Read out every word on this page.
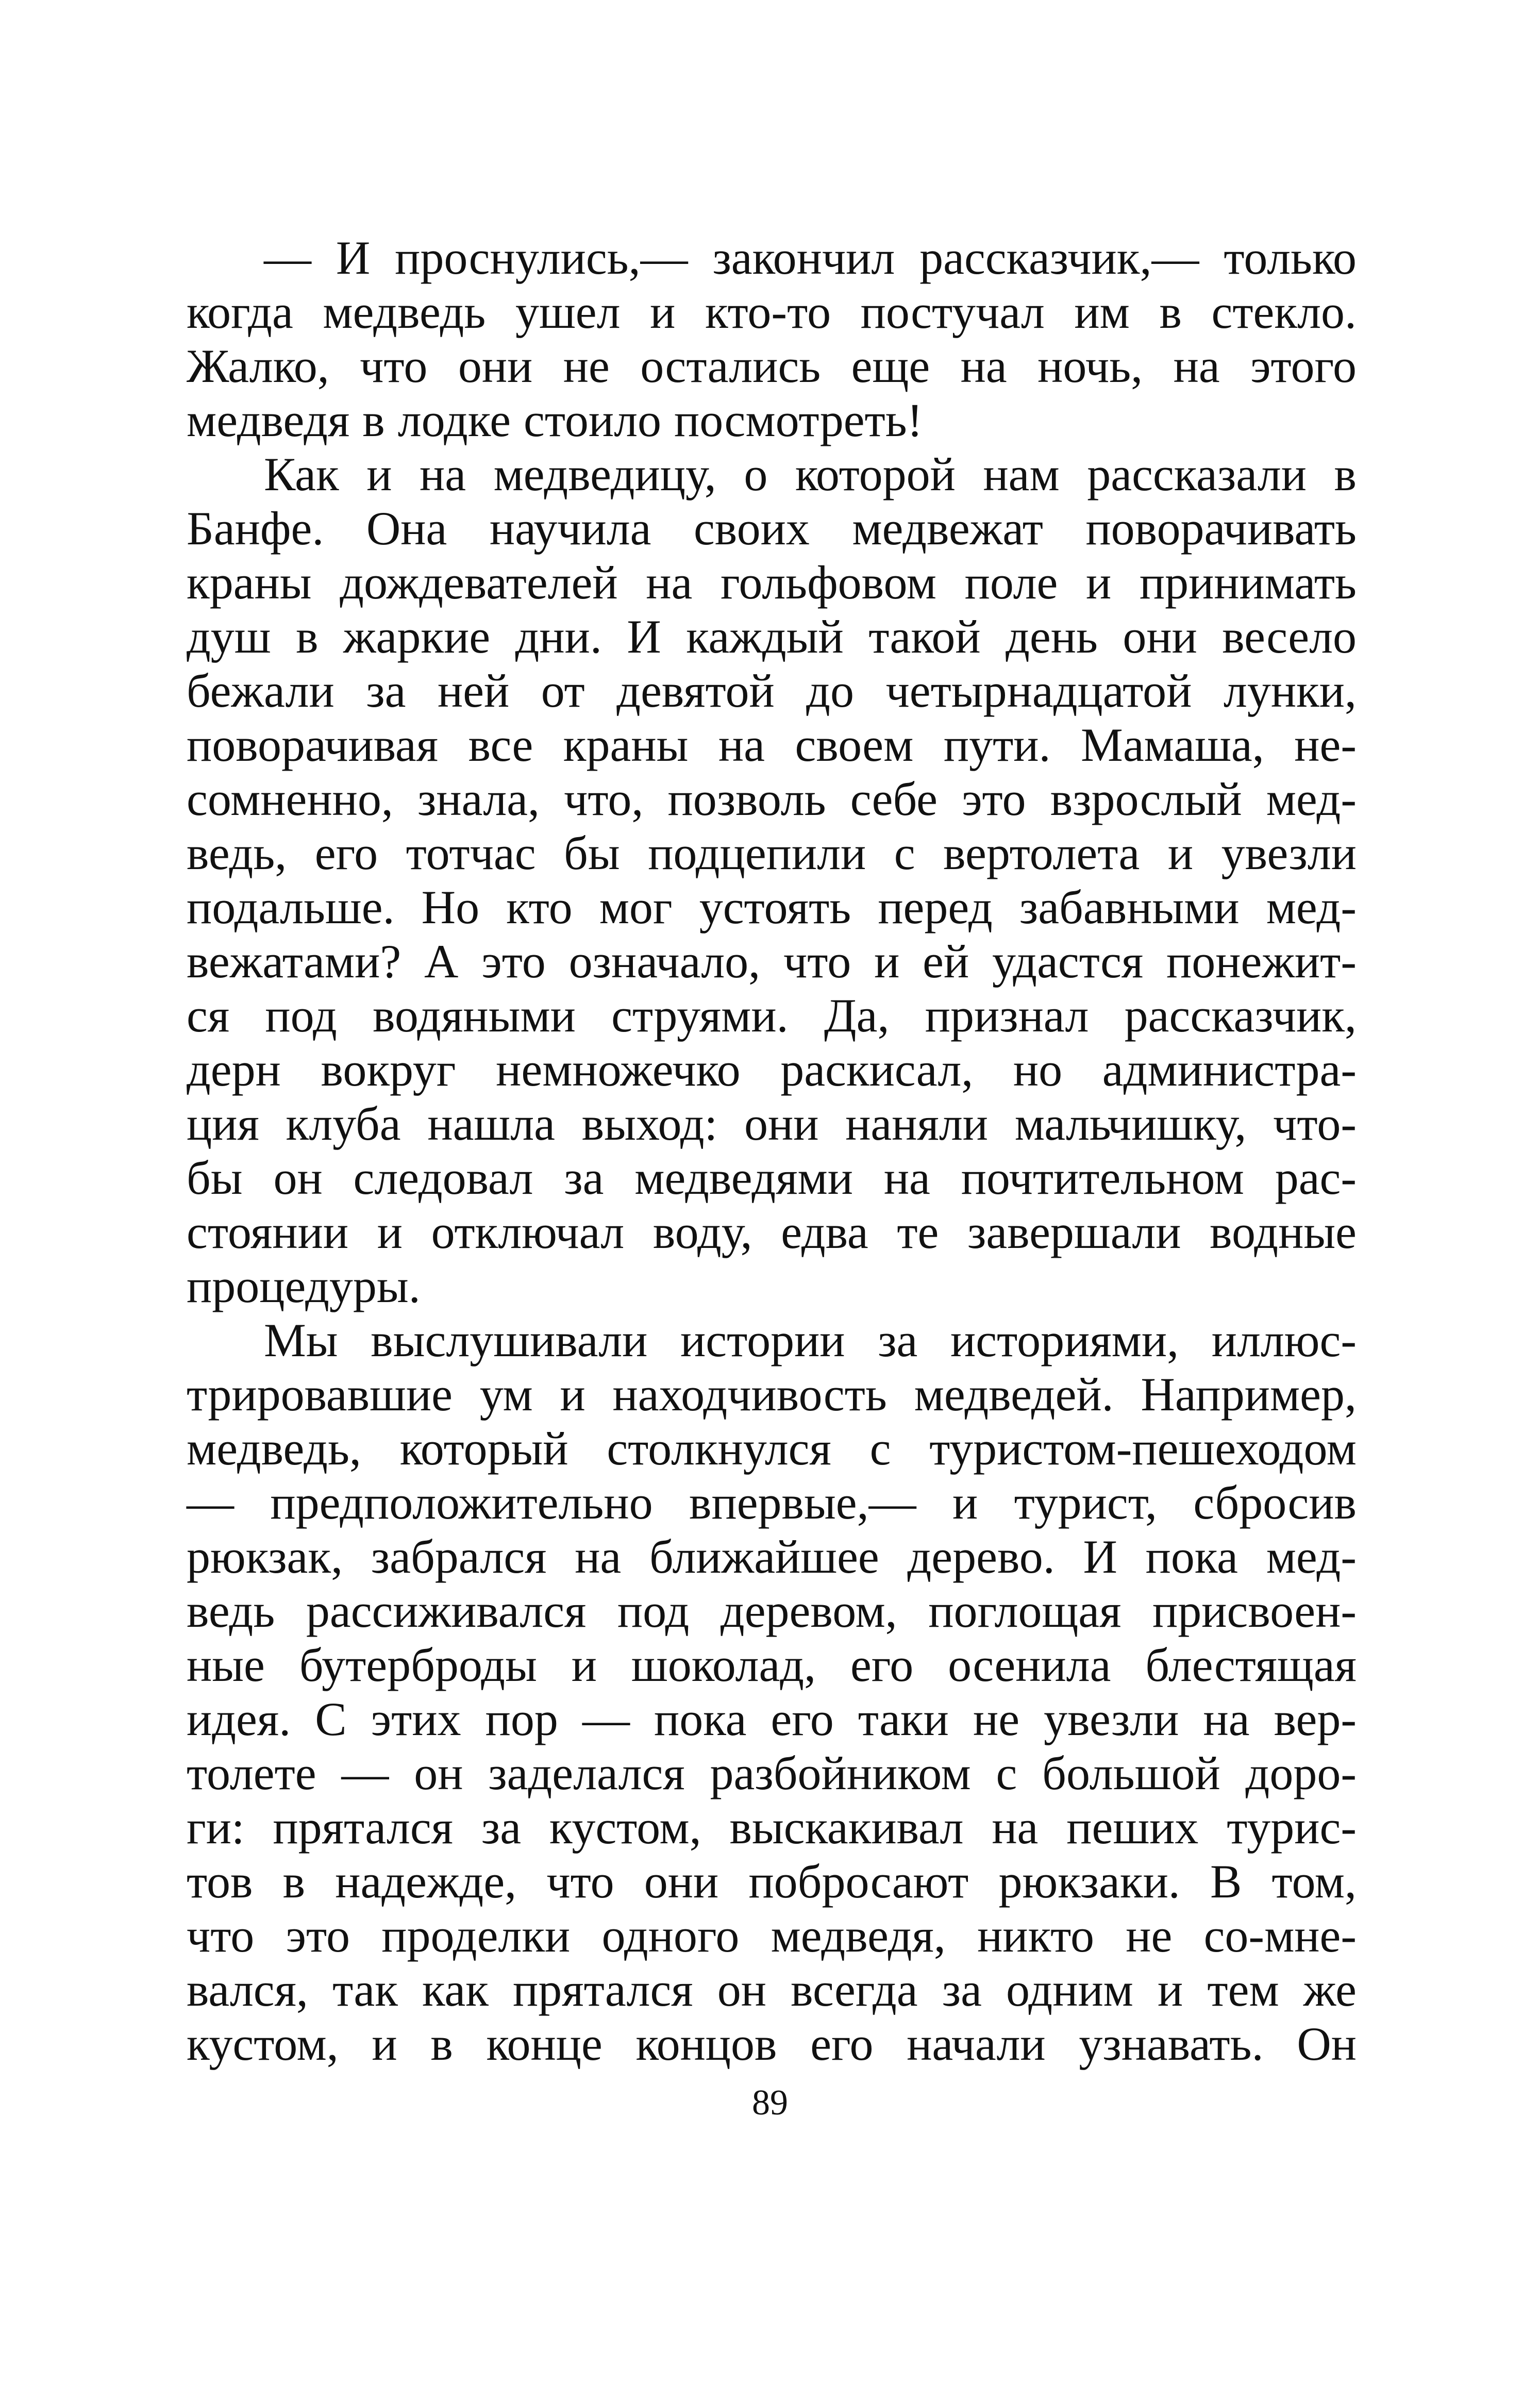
— И проснулись,— закончил рассказчик,— только
когда медведь ушел и кто-то постучал им в стекло.
Жалко, что они не остались еще на ночь, на этого
медведя в лодке стоило посмотреть!
Как и на медведицу, о которой нам рассказали в
Банфе. Она научила своих медвежат поворачивать
краны дождевателей на гольфовом поле и принимать
душ в жаркие дни. И каждый такой день они весело
бежали за ней от девятой до четырнадцатой лунки,
поворачивая все краны на своем пути. Мамаша, не-
сомненно, знала, что, позволь себе это взрослый мед-
ведь, его тотчас бы подцепили с вертолета и увезли
подальше. Но кто мог устоять перед забавными мед-
вежатами? А это означало, что и ей удастся понежит-
ся под водяными струями. Да, признал рассказчик,
дерн вокруг немножечко раскисал, но администра-
ция клуба нашла выход: они наняли мальчишку, что-
бы он следовал за медведями на почтительном рас-
стоянии и отключал воду, едва те завершали водные
процедуры.
Мы выслушивали истории за историями, иллюс-
трировавшие ум и находчивость медведей. Например,
медведь, который столкнулся с туристом-пешеходом
— предположительно впервые,— и турист, сбросив
рюкзак, забрался на ближайшее дерево. И пока мед-
ведь рассиживался под деревом, поглощая присвоен-
ные бутерброды и шоколад, его осенила блестящая
идея. С этих пор — пока его таки не увезли на вер-
толете — он заделался разбойником с большой доро-
ги: прятался за кустом, выскакивал на пеших турис-
тов в надежде, что они побросают рюкзаки. В том,
что это проделки одного медведя, никто не со-мне-
вался, так как прятался он всегда за одним и тем же
кустом, и в конце концов его начали узнавать. Он
89
